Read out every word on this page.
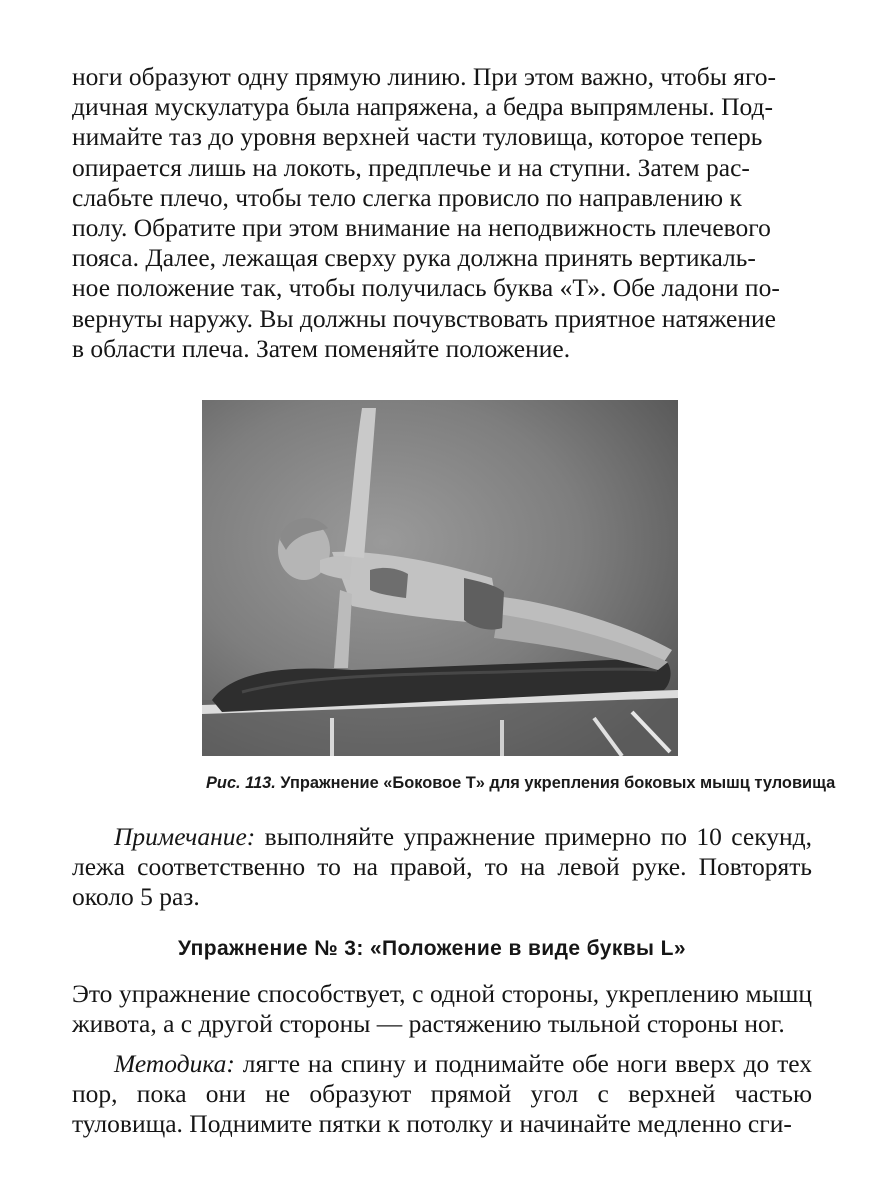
ноги образуют одну прямую линию. При этом важно, чтобы яго-
дичная мускулатура была напряжена, а бедра выпрямлены. Под-
нимайте таз до уровня верхней части туловища, которое теперь
опирается лишь на локоть, предплечье и на ступни. Затем рас-
слабьте плечо, чтобы тело слегка провисло по направлению к
полу. Обратите при этом внимание на неподвижность плечевого
пояса. Далее, лежащая сверху рука должна принять вертикаль-
ное положение так, чтобы получилась буква «Т». Обе ладони по-
вернуты наружу. Вы должны почувствовать приятное натяжение
в области плеча. Затем поменяйте положение.
Рис. 113. Упражнение «Боковое Т» для укрепления боковых мышц туловища

Примечание: выполняйте упражнение примерно по 10 секунд, лежа соответственно то на правой, то на левой руке. Повторять около 5 раз.

Упражнение № 3: «Положение в виде буквы L»

Это упражнение способствует, с одной стороны, укреплению мышц живота, а с другой стороны — растяжению тыльной стороны ног.

Методика: лягте на спину и поднимайте обе ноги вверх до тех пор, пока они не образуют прямой угол с верхней частью туловища. Поднимите пятки к потолку и начинайте медленно сги-
